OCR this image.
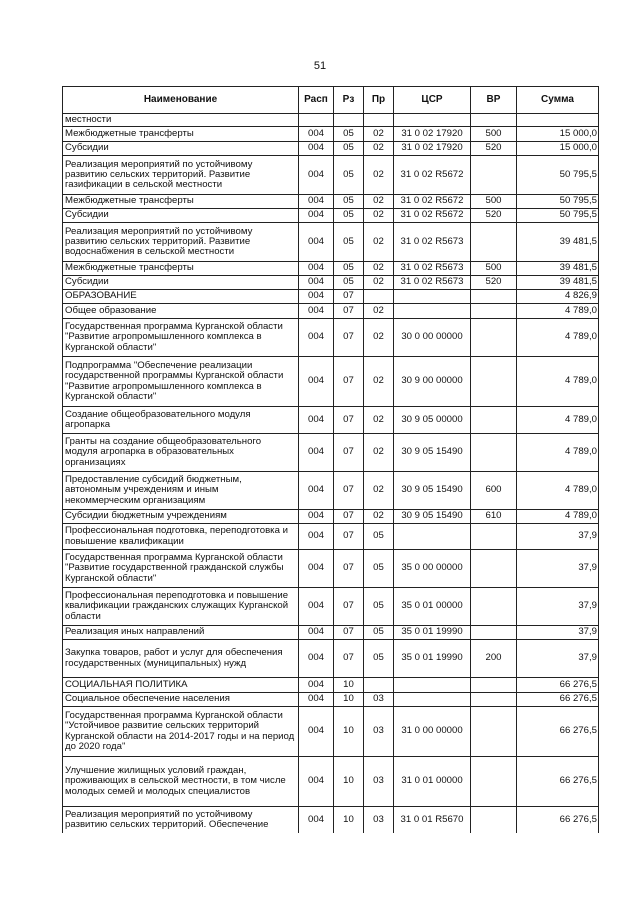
51
Наименование	Расп	Рз	Пр	ЦСР	ВР	Сумма
местности						
Межбюджетные трансферты	004	05	02	31 0 02 17920	500	15 000,0
Субсидии	004	05	02	31 0 02 17920	520	15 000,0
Реализация мероприятий по устойчивому развитию сельских территорий. Развитие газификации в сельской местности	004	05	02	31 0 02 R5672		50 795,5
Межбюджетные трансферты	004	05	02	31 0 02 R5672	500	50 795,5
Субсидии	004	05	02	31 0 02 R5672	520	50 795,5
Реализация мероприятий по устойчивому развитию сельских территорий. Развитие водоснабжения в сельской местности	004	05	02	31 0 02 R5673		39 481,5
Межбюджетные трансферты	004	05	02	31 0 02 R5673	500	39 481,5
Субсидии	004	05	02	31 0 02 R5673	520	39 481,5
ОБРАЗОВАНИЕ	004	07				4 826,9
Общее образование	004	07	02			4 789,0
Государственная программа Курганской области "Развитие агропромышленного комплекса в Курганской области"	004	07	02	30 0 00 00000		4 789,0
Подпрограмма "Обеспечение реализации государственной программы Курганской области "Развитие агропромышленного комплекса в Курганской области"	004	07	02	30 9 00 00000		4 789,0
Создание общеобразовательного модуля агропарка	004	07	02	30 9 05 00000		4 789,0
Гранты на создание общеобразовательного модуля агропарка в образовательных организациях	004	07	02	30 9 05 15490		4 789,0
Предоставление субсидий бюджетным, автономным учреждениям и иным некоммерческим организациям	004	07	02	30 9 05 15490	600	4 789,0
Субсидии бюджетным учреждениям	004	07	02	30 9 05 15490	610	4 789,0
Профессиональная подготовка, переподготовка и повышение квалификации	004	07	05			37,9
Государственная программа Курганской области "Развитие государственной гражданской службы Курганской области"	004	07	05	35 0 00 00000		37,9
Профессиональная переподготовка и повышение квалификации гражданских служащих Курганской области	004	07	05	35 0 01 00000		37,9
Реализация иных направлений	004	07	05	35 0 01 19990		37,9
Закупка товаров, работ и услуг для обеспечения государственных (муниципальных) нужд	004	07	05	35 0 01 19990	200	37,9
СОЦИАЛЬНАЯ ПОЛИТИКА	004	10				66 276,5
Социальное обеспечение населения	004	10	03			66 276,5
Государственная программа Курганской области "Устойчивое развитие сельских территорий Курганской области на 2014-2017 годы и на период до 2020 года"	004	10	03	31 0 00 00000		66 276,5
Улучшение жилищных условий граждан, проживающих в сельской местности, в том числе молодых семей и молодых специалистов	004	10	03	31 0 01 00000		66 276,5
Реализация мероприятий по устойчивому развитию сельских территорий. Обеспечение	004	10	03	31 0 01 R5670		66 276,5
